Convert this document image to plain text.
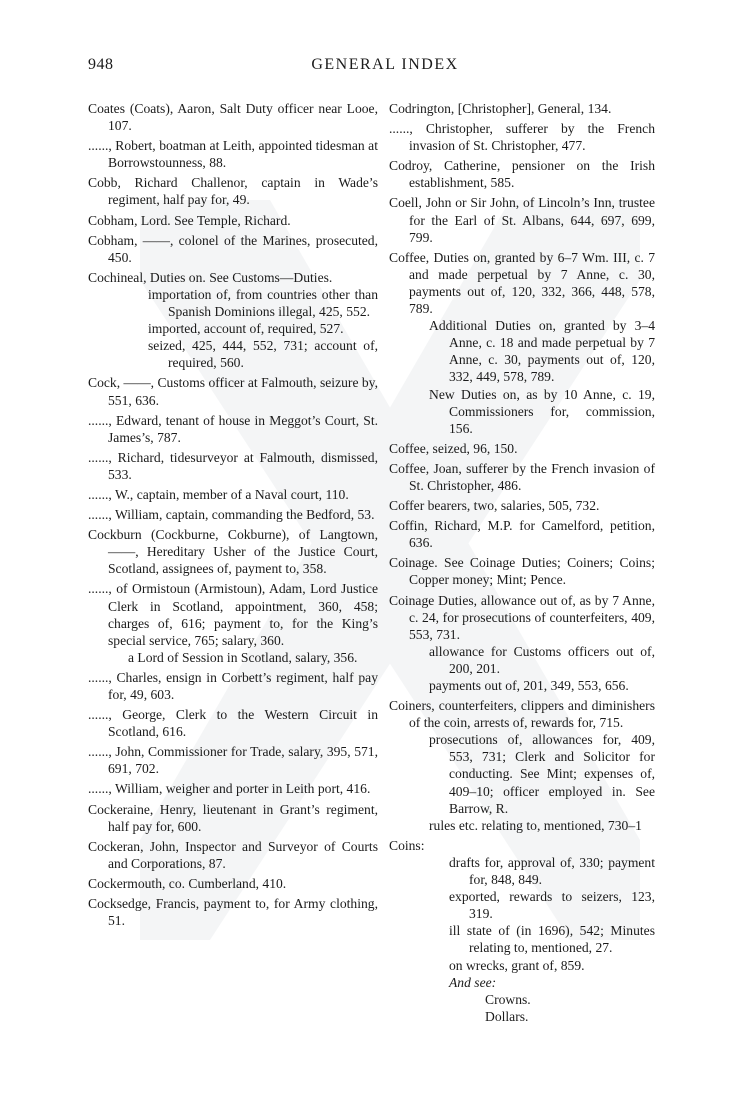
948	GENERAL INDEX
Coates (Coats), Aaron, Salt Duty officer near Looe, 107.
......, Robert, boatman at Leith, appointed tidesman at Borrowstounness, 88.
Cobb, Richard Challenor, captain in Wade’s regiment, half pay for, 49.
Cobham, Lord. See Temple, Richard.
Cobham, ——, colonel of the Marines, prosecuted, 450.
Cochineal, Duties on. See Customs—Duties.
importation of, from countries other than Spanish Dominions illegal, 425, 552.
imported, account of, required, 527.
seized, 425, 444, 552, 731; account of, required, 560.
Cock, ——, Customs officer at Falmouth, seizure by, 551, 636.
......, Edward, tenant of house in Meggot’s Court, St. James’s, 787.
......, Richard, tidesurveyor at Falmouth, dismissed, 533.
......, W., captain, member of a Naval court, 110.
......, William, captain, commanding the Bedford, 53.
Cockburn (Cockburne, Cokburne), of Langtown, ——, Hereditary Usher of the Justice Court, Scotland, assignees of, payment to, 358.
......, of Ormistoun (Armistoun), Adam, Lord Justice Clerk in Scotland, appointment, 360, 458; charges of, 616; payment to, for the King’s special service, 765; salary, 360.
a Lord of Session in Scotland, salary, 356.
......, Charles, ensign in Corbett’s regiment, half pay for, 49, 603.
......, George, Clerk to the Western Circuit in Scotland, 616.
......, John, Commissioner for Trade, salary, 395, 571, 691, 702.
......, William, weigher and porter in Leith port, 416.
Cockeraine, Henry, lieutenant in Grant’s regiment, half pay for, 600.
Cockeran, John, Inspector and Surveyor of Courts and Corporations, 87.
Cockermouth, co. Cumberland, 410.
Cocksedge, Francis, payment to, for Army clothing, 51.
Codrington, [Christopher], General, 134.
......, Christopher, sufferer by the French invasion of St. Christopher, 477.
Codroy, Catherine, pensioner on the Irish establishment, 585.
Coell, John or Sir John, of Lincoln’s Inn, trustee for the Earl of St. Albans, 644, 697, 699, 799.
Coffee, Duties on, granted by 6–7 Wm. III, c. 7 and made perpetual by 7 Anne, c. 30, payments out of, 120, 332, 366, 448, 578, 789.
Additional Duties on, granted by 3–4 Anne, c. 18 and made perpetual by 7 Anne, c. 30, payments out of, 120, 332, 449, 578, 789.
New Duties on, as by 10 Anne, c. 19, Commissioners for, commission, 156.
Coffee, seized, 96, 150.
Coffee, Joan, sufferer by the French invasion of St. Christopher, 486.
Coffer bearers, two, salaries, 505, 732.
Coffin, Richard, M.P. for Camelford, petition, 636.
Coinage. See Coinage Duties; Coiners; Coins; Copper money; Mint; Pence.
Coinage Duties, allowance out of, as by 7 Anne, c. 24, for prosecutions of counterfeiters, 409, 553, 731.
allowance for Customs officers out of, 200, 201.
payments out of, 201, 349, 553, 656.
Coiners, counterfeiters, clippers and diminishers of the coin, arrests of, rewards for, 715.
prosecutions of, allowances for, 409, 553, 731; Clerk and Solicitor for conducting. See Mint; expenses of, 409–10; officer employed in. See Barrow, R.
rules etc. relating to, mentioned, 730–1
Coins:
drafts for, approval of, 330; payment for, 848, 849.
exported, rewards to seizers, 123, 319.
ill state of (in 1696), 542; Minutes relating to, mentioned, 27.
on wrecks, grant of, 859.
And see:
Crowns.
Dollars.
